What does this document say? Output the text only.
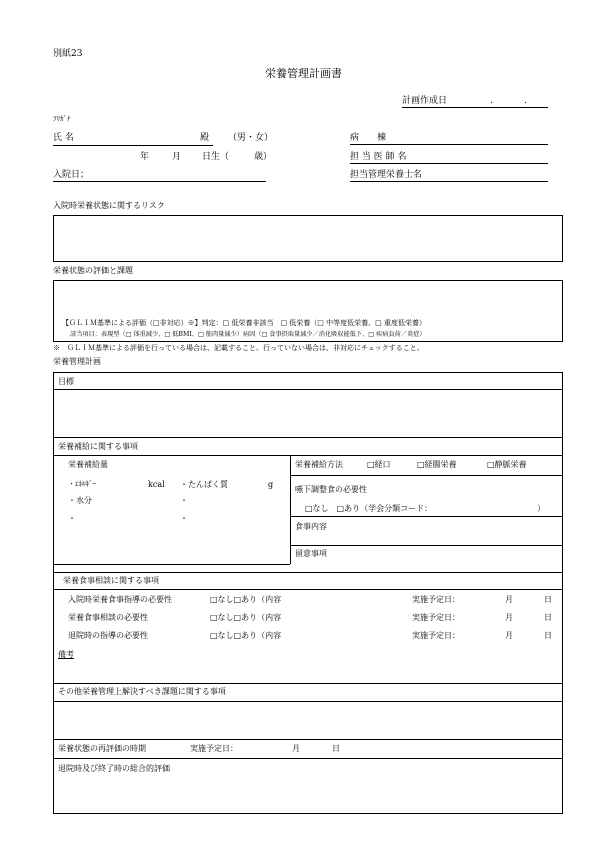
別紙23
栄養管理計画書
計画作成日	.	.
ﾌﾘｶﾞﾅ
氏 名	殿 （男・女）
年	月 日生（	歳）
入院日；
病　　棟
担 当 医 師 名
担当管理栄養士名
入院時栄養状態に関するリスク
栄養状態の評価と課題
【ＧＬＩＭ基準による評価（□非対応）※】判定：□ 低栄養非該当　□ 低栄養（□ 中等度低栄養、□ 重度低栄養）
該当項目：表現型（□ 体重減少、□ 低BMI、□ 筋肉量減少）病因（□ 食事摂取量減少／消化吸収能低下、□ 疾病負荷／炎症）
※　ＧＬＩＭ基準による評価を行っている場合は、記載すること。行っていない場合は、非対応にチェックすること。
栄養管理計画
目標
栄養補給に関する事項
栄養補給量
・ｴﾈﾙｷﾞｰ	kcal ・たんぱく質	g
・水分	・
・	・
栄養補給方法	□経口	□経腸栄養	□静脈栄養
嚥下調整食の必要性
□なし　□あり（学会分類コード：	）
食事内容
留意事項
栄養食事相談に関する事項
入院時栄養食事指導の必要性	□なし□あり（内容	実施予定日：	月	日
栄養食事相談の必要性	□なし□あり（内容	実施予定日：	月	日
退院時の指導の必要性	□なし□あり（内容	実施予定日：	月	日
備考
その他栄養管理上解決すべき課題に関する事項
栄養状態の再評価の時期	実施予定日：	月	日
退院時及び終了時の総合的評価
